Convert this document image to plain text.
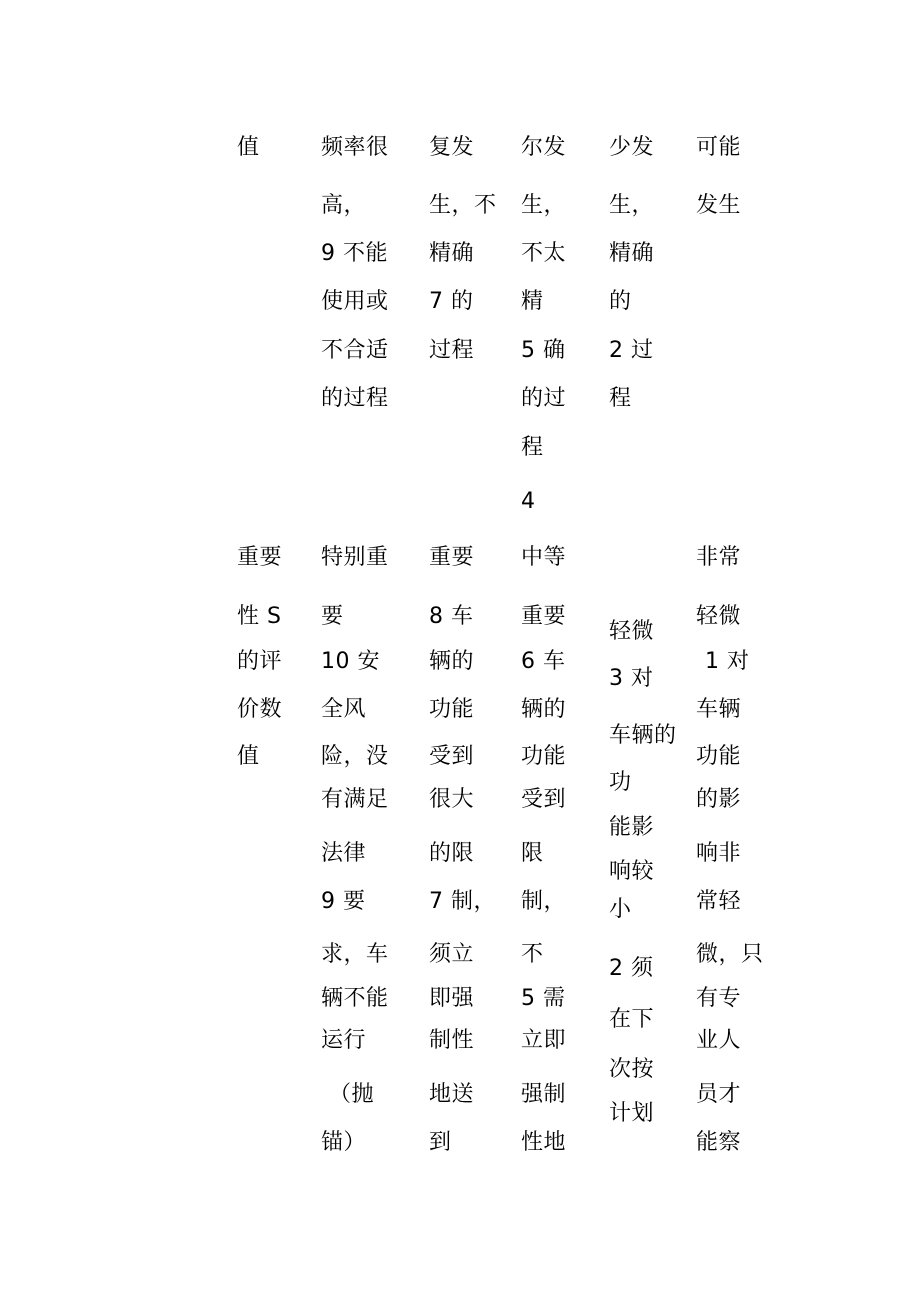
值	频率很
高，
9 不能
使用或
不合适
的过程
复发
生，不
精确
7 的
过程
尔发
生，
不太
精
5 确
的过
程
4
少发
生，
精确
的
2 过
程
可能
发生
重要
性 S
的评
价数
值
特别重
要
10 安
全风
险，没
有满足
法律
9 要
求，车
辆不能
运行
（抛
锚）
重要
8 车
辆的
功能
受到
很大
的限
7 制，
须立
即强
制性
地送
到
中等
重要
6 车
辆的
功能
受到
限
制，
不
5 需
立即
强制
性地
轻微
3 对
车辆的
功
能影
响较
小
2 须
在下
次按
计划
非常
轻微
1 对
车辆
功能
的影
响非
常轻
微，只
有专
业人
员才
能察
